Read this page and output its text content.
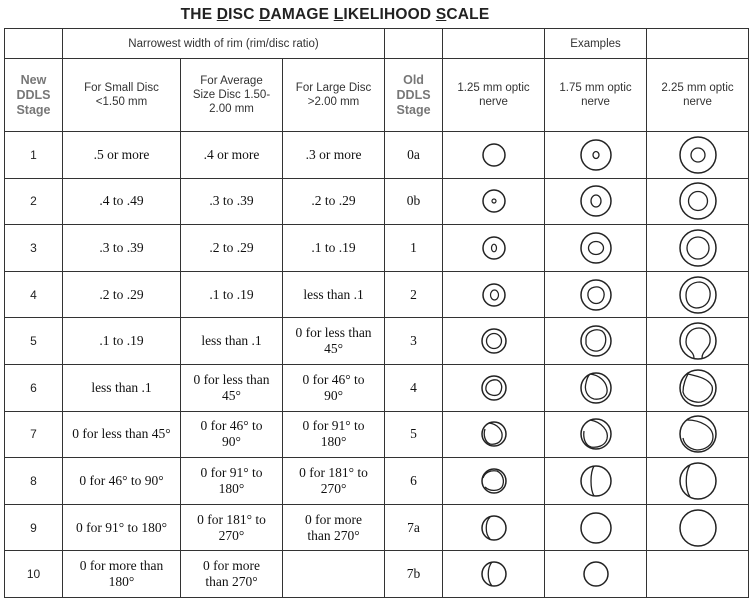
THE DISC DAMAGE LIKELIHOOD SCALE
	Narrowest width of rim (rim/disc ratio)					Examples	

New DDLS Stage	For Small Disc <1.50 mm	For Average Size Disc 1.50-2.00 mm	For Large Disc >2.00 mm	Old DDLS Stage	1.25 mm optic nerve	1.75 mm optic nerve	2.25 mm optic nerve

1	.5 or more	.4 or more	.3 or more	0a	

2	.4 to .49	.3 to .39	.2 to .29	0b	

3	.3 to .39	.2 to .29	.1 to .19	1	

4	.2 to .29	.1 to .19	less than .1	2	

5	.1 to .19	less than .1	0 for less than 45°	3	

6	less than .1	0 for less than 45°	0 for 46° to 90°	4	

7	0 for less than 45°	0 for 46° to 90°	0 for 91° to 180°	5	

8	0 for 46° to 90°	0 for 91° to 180°	0 for 181° to 270°	6	

9	0 for 91° to 180°	0 for 181° to 270°	0 for more than 270°	7a	

10	0 for more than 180°	0 for more than 270°		7b	
